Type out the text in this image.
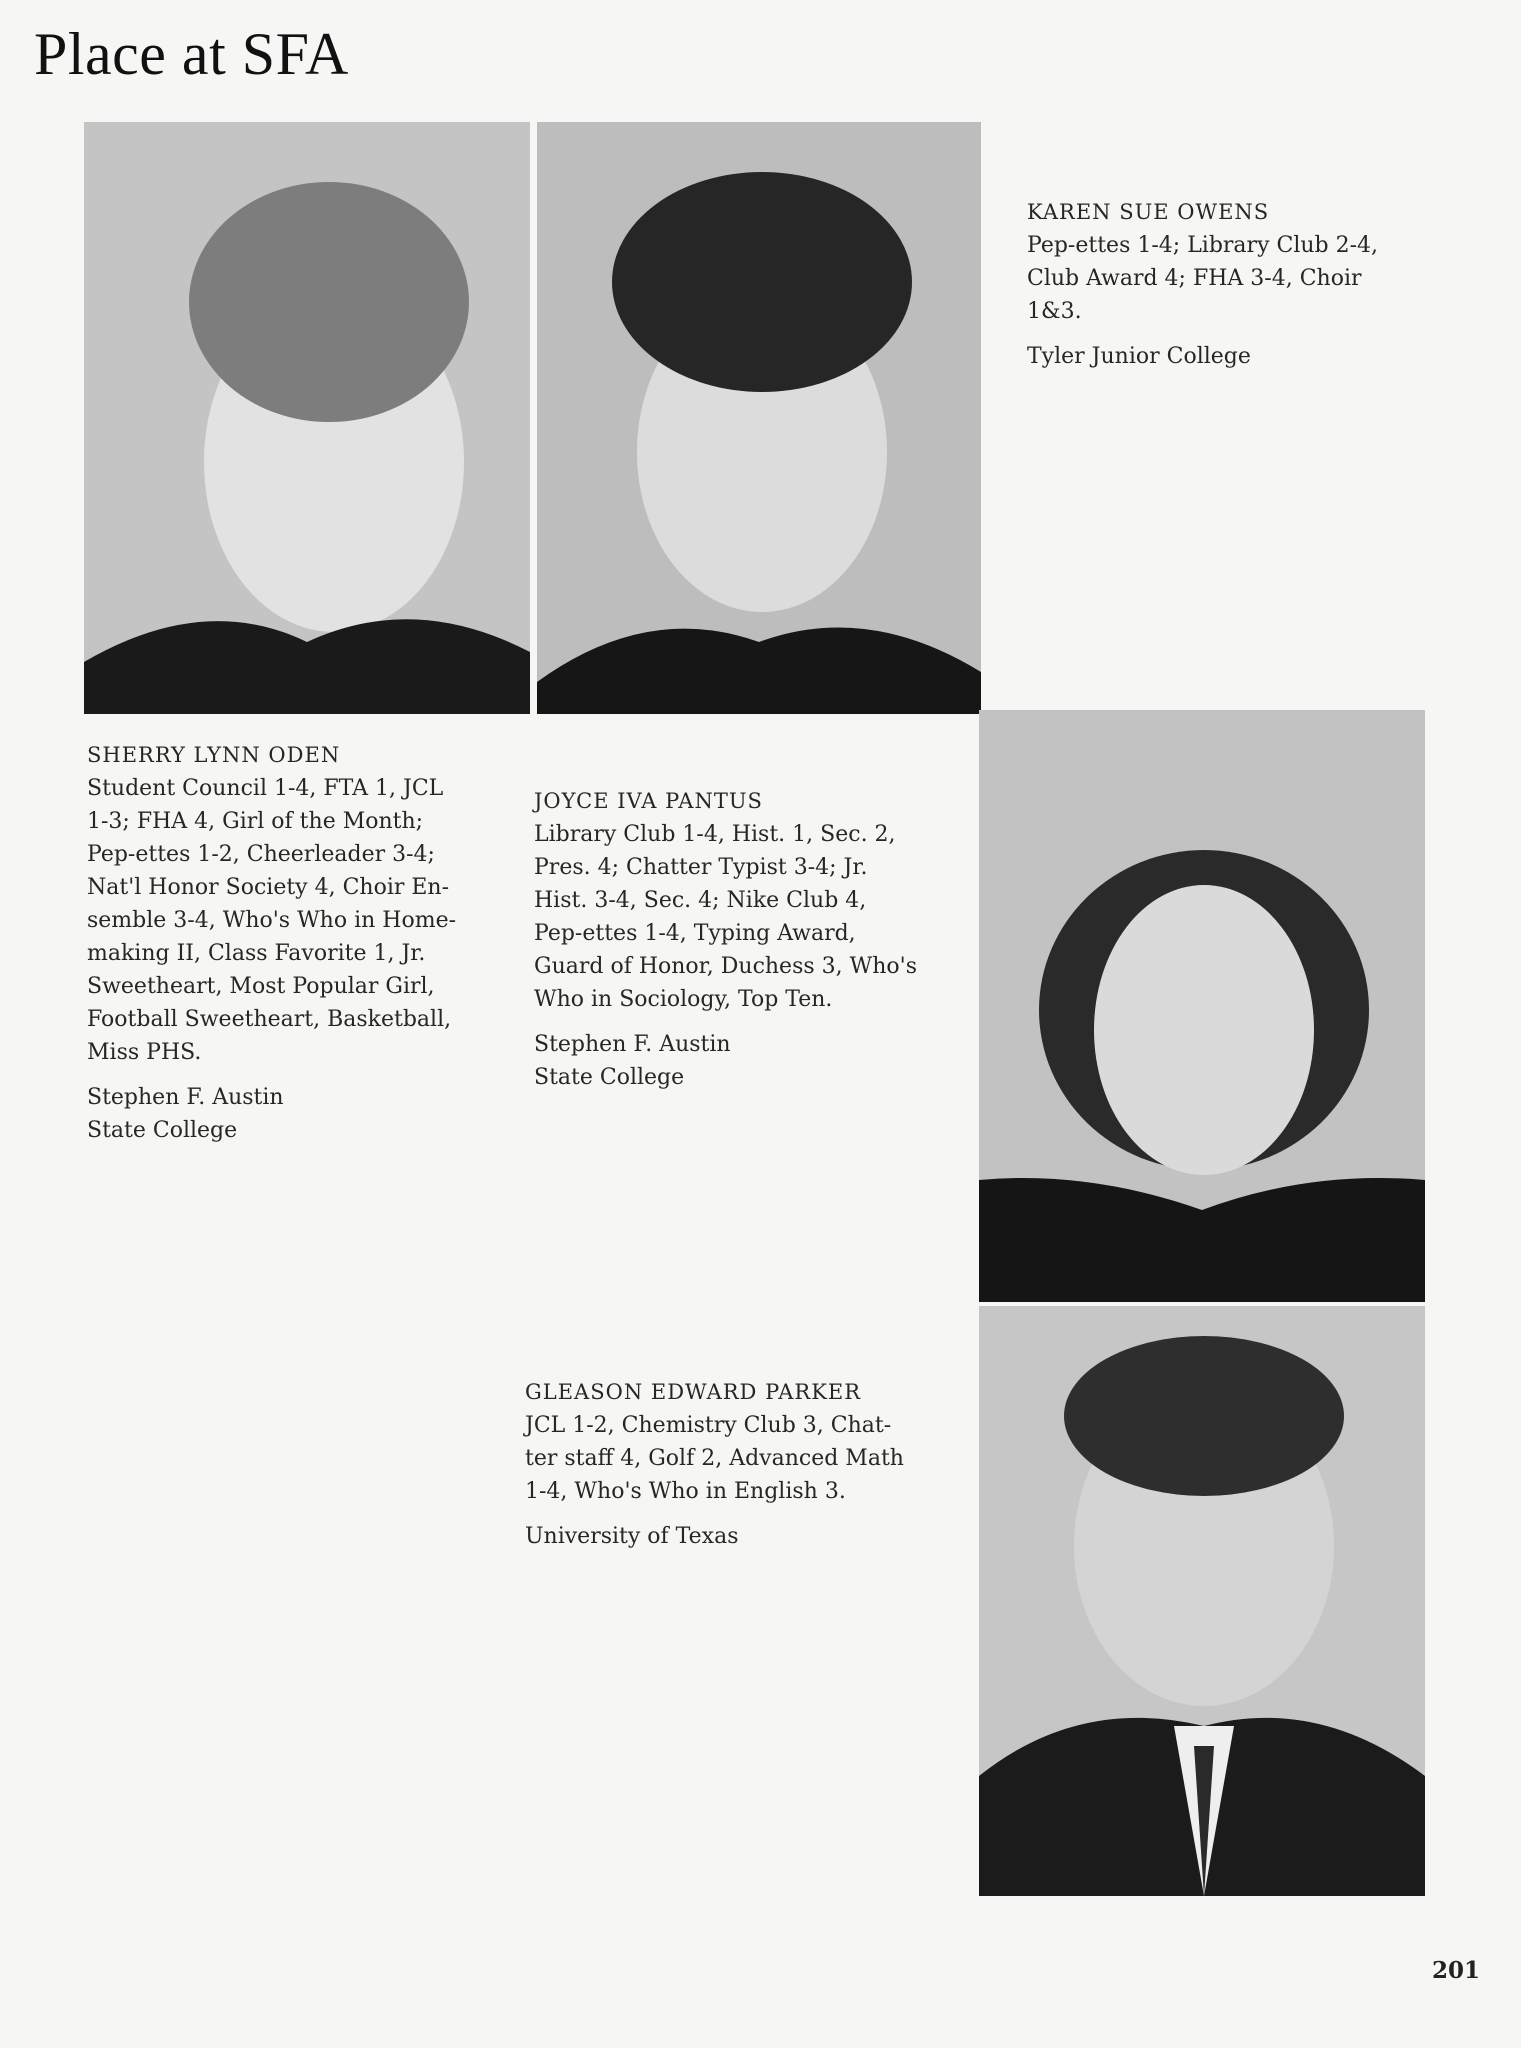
Place at SFA
KAREN SUE OWENS
Pep-ettes 1-4; Library Club 2-4,
Club Award 4; FHA 3-4, Choir
1&3.
Tyler Junior College
SHERRY LYNN ODEN
Student Council 1-4, FTA 1, JCL
1-3; FHA 4, Girl of the Month;
Pep-ettes 1-2, Cheerleader 3-4;
Nat'l Honor Society 4, Choir En-
semble 3-4, Who's Who in Home-
making II, Class Favorite 1, Jr.
Sweetheart, Most Popular Girl,
Football Sweetheart, Basketball,
Miss PHS.
Stephen F. Austin
State College
JOYCE IVA PANTUS
Library Club 1-4, Hist. 1, Sec. 2,
Pres. 4; Chatter Typist 3-4; Jr.
Hist. 3-4, Sec. 4; Nike Club 4,
Pep-ettes 1-4, Typing Award,
Guard of Honor, Duchess 3, Who's
Who in Sociology, Top Ten.
Stephen F. Austin
State College
GLEASON EDWARD PARKER
JCL 1-2, Chemistry Club 3, Chat-
ter staff 4, Golf 2, Advanced Math
1-4, Who's Who in English 3.
University of Texas
201
